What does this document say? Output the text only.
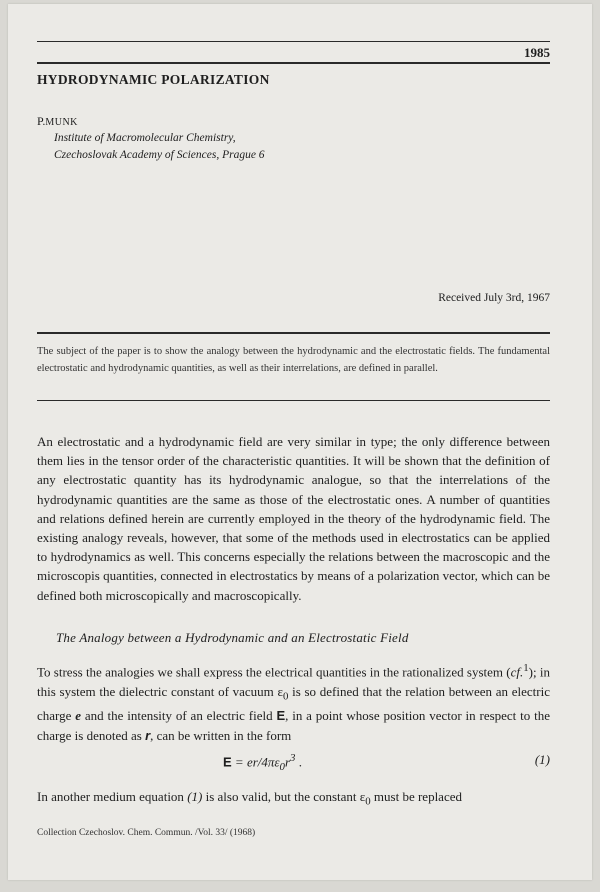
1985
HYDRODYNAMIC POLARIZATION
P.MUNK
Institute of Macromolecular Chemistry,
Czechoslovak Academy of Sciences, Prague 6
Received July 3rd, 1967
The subject of the paper is to show the analogy between the hydrodynamic and the electrostatic fields. The fundamental electrostatic and hydrodynamic quantities, as well as their interrelations, are defined in parallel.
An electrostatic and a hydrodynamic field are very similar in type; the only difference between them lies in the tensor order of the characteristic quantities. It will be shown that the definition of any electrostatic quantity has its hydrodynamic analogue, so that the interrelations of the hydrodynamic quantities are the same as those of the electrostatic ones. A number of quantities and relations defined herein are currently employed in the theory of the hydrodynamic field. The existing analogy reveals, however, that some of the methods used in electrostatics can be applied to hydrodynamics as well. This concerns especially the relations between the macroscopic and the microscopis quantities, connected in electrostatics by means of a polarization vector, which can be defined both microscopically and macroscopically.
The Analogy between a Hydrodynamic and an Electrostatic Field
To stress the analogies we shall express the electrical quantities in the rationalized system (cf.$^1$); in this system the dielectric constant of vacuum $\varepsilon_0$ is so defined that the relation between an electric charge e and the intensity of an electric field E, in a point whose position vector in respect to the charge is denoted as r, can be written in the form
$E = er/4\pi\varepsilon_0r^3$ .	(1)
In another medium equation (1) is also valid, but the constant $\varepsilon_0$ must be replaced
Collection Czechoslov. Chem. Commun. /Vol. 33/ (1968)
